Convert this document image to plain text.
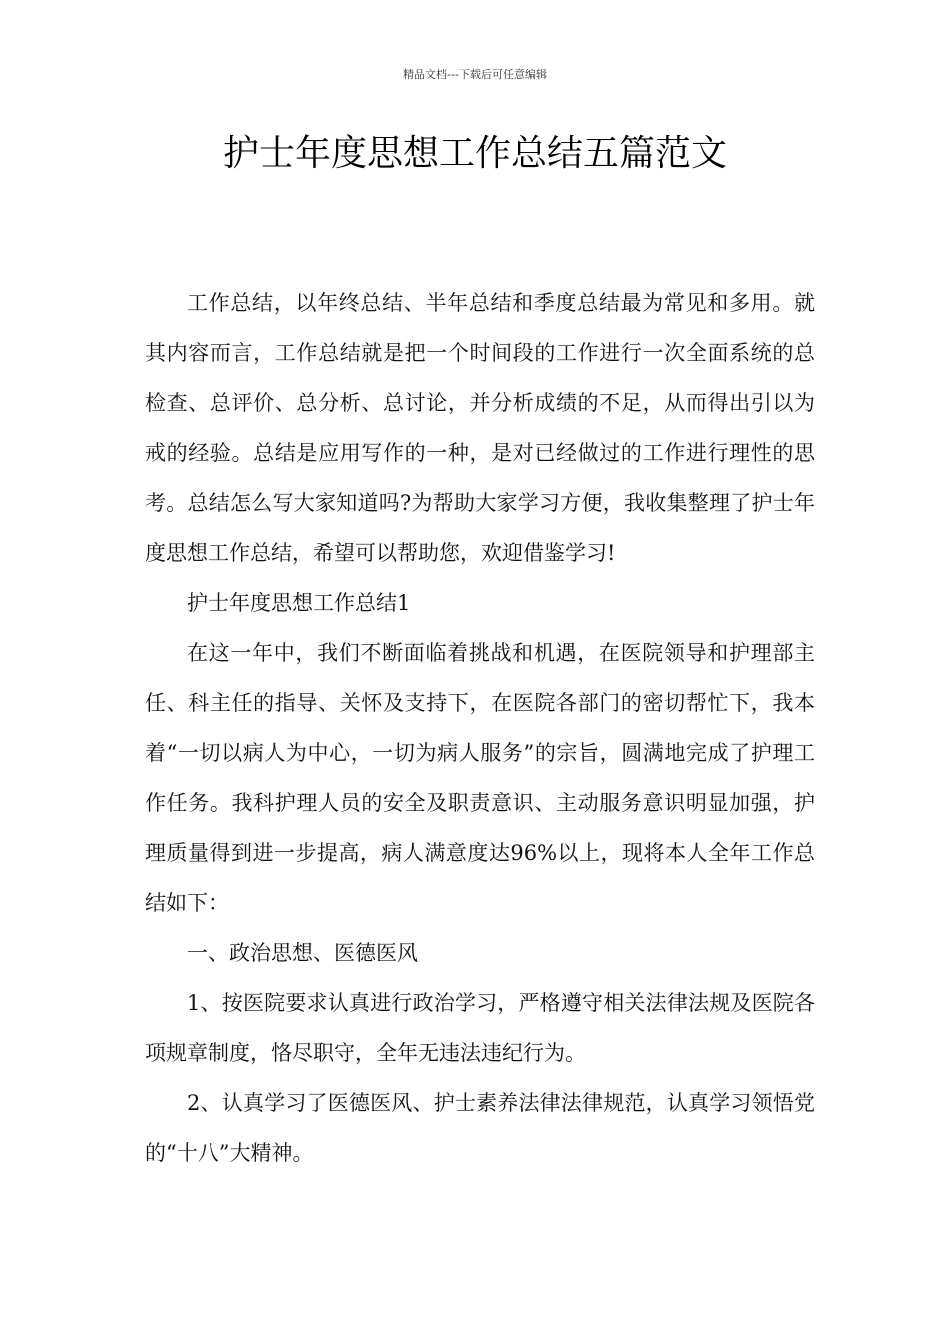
精品文档---下载后可任意编辑
护士年度思想工作总结五篇范文

工作总结，以年终总结、半年总结和季度总结最为常见和多用。就其内容而言，工作总结就是把一个时间段的工作进行一次全面系统的总检查、总评价、总分析、总讨论，并分析成绩的不足，从而得出引以为戒的经验。总结是应用写作的一种，是对已经做过的工作进行理性的思考。总结怎么写大家知道吗?为帮助大家学习方便，我收集整理了护士年度思想工作总结，希望可以帮助您，欢迎借鉴学习!

护士年度思想工作总结1

在这一年中，我们不断面临着挑战和机遇，在医院领导和护理部主任、科主任的指导、关怀及支持下，在医院各部门的密切帮忙下，我本着“一切以病人为中心，一切为病人服务”的宗旨，圆满地完成了护理工作任务。我科护理人员的安全及职责意识、主动服务意识明显加强，护理质量得到进一步提高，病人满意度达96%以上，现将本人全年工作总结如下：

一、政治思想、医德医风

1、按医院要求认真进行政治学习，严格遵守相关法律法规及医院各项规章制度，恪尽职守，全年无违法违纪行为。

2、认真学习了医德医风、护士素养法律法律规范，认真学习领悟党的“十八”大精神。
